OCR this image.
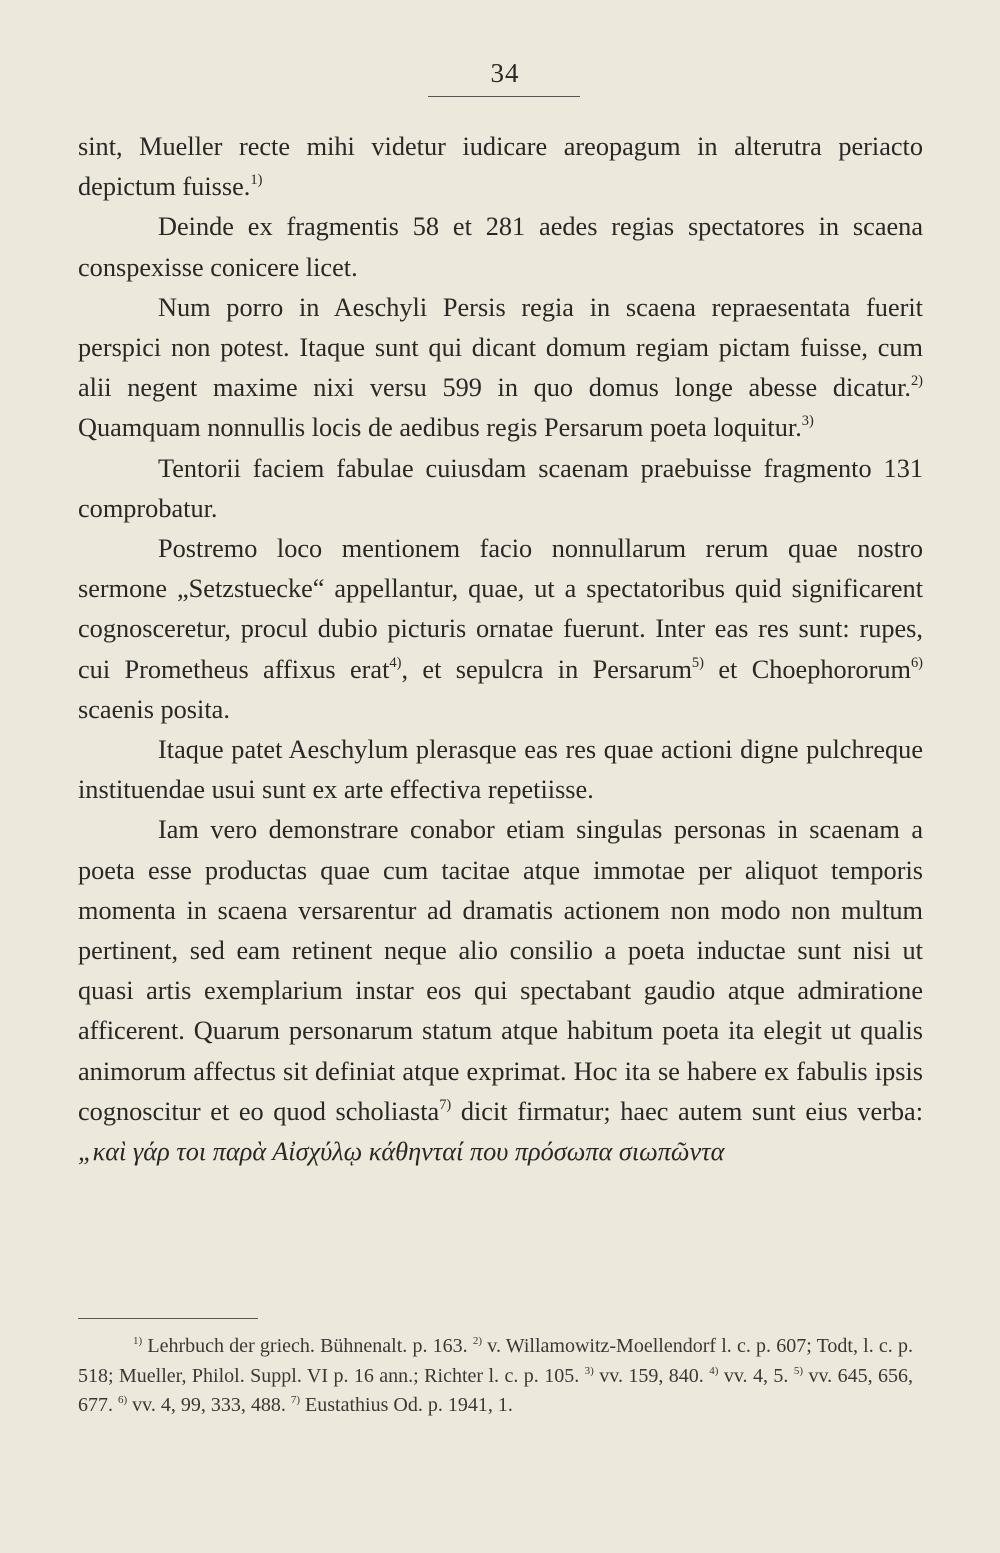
34

sint, Mueller recte mihi videtur iudicare areopagum in alterutra periacto depictum fuisse.$^{1)}$

Deinde ex fragmentis 58 et 281 aedes regias spectatores in scaena conspexisse conicere licet.

Num porro in Aeschyli Persis regia in scaena repraesentata fuerit perspici non potest. Itaque sunt qui dicant domum regiam pictam fuisse, cum alii negent maxime nixi versu 599 in quo domus longe abesse dicatur.$^{2)}$ Quamquam nonnullis locis de aedibus regis Persarum poeta loquitur.$^{3)}$

Tentorii faciem fabulae cuiusdam scaenam praebuisse fragmento 131 comprobatur.

Postremo loco mentionem facio nonnullarum rerum quae nostro sermone „Setzstuecke“ appellantur, quae, ut a spectatoribus quid significarent cognosceretur, procul dubio picturis ornatae fuerunt. Inter eas res sunt: rupes, cui Prometheus affixus erat$^{4)}$, et sepulcra in Persarum$^{5)}$ et Choephororum$^{6)}$ scaenis posita.

Itaque patet Aeschylum plerasque eas res quae actioni digne pulchreque instituendae usui sunt ex arte effectiva repetiisse.

Iam vero demonstrare conabor etiam singulas personas in scaenam a poeta esse productas quae cum tacitae atque immotae per aliquot temporis momenta in scaena versarentur ad dramatis actionem non modo non multum pertinent, sed eam retinent neque alio consilio a poeta inductae sunt nisi ut quasi artis exemplarium instar eos qui spectabant gaudio atque admiratione afficerent. Quarum personarum statum atque habitum poeta ita elegit ut qualis animorum affectus sit definiat atque exprimat. Hoc ita se habere ex fabulis ipsis cognoscitur et eo quod scholiasta$^{7)}$ dicit firmatur; haec autem sunt eius verba: „καὶ γάρ τοι παρὰ Αἰσχύλῳ κάθηνταί που πρόσωπα σιωπῶντα

$^{1)}$ Lehrbuch der griech. Bühnenalt. p. 163. $^{2)}$ v. Willamowitz-Moellendorf l. c. p. 607; Todt, l. c. p. 518; Mueller, Philol. Suppl. VI p. 16 ann.; Richter l. c. p. 105. $^{3)}$ vv. 159, 840. $^{4)}$ vv. 4, 5. $^{5)}$ vv. 645, 656, 677. $^{6)}$ vv. 4, 99, 333, 488. $^{7)}$ Eustathius Od. p. 1941, 1.
